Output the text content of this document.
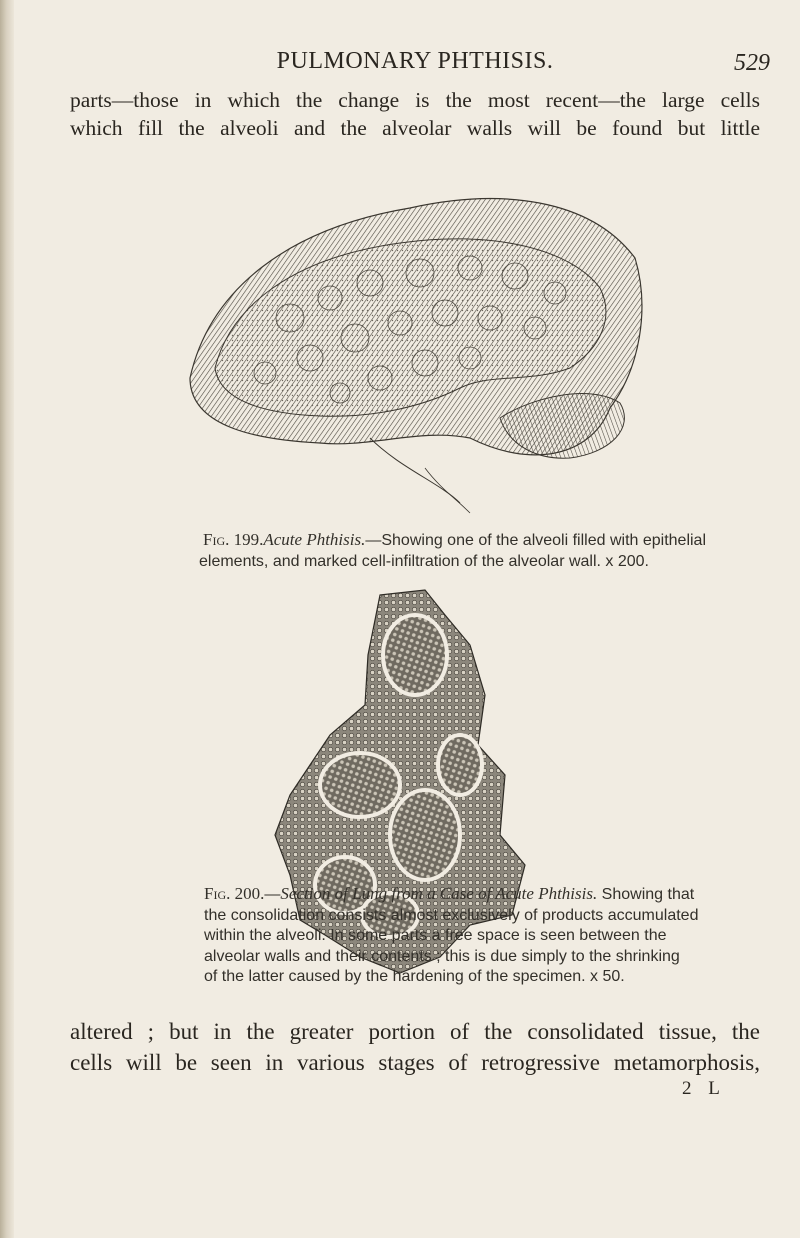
PULMONARY PHTHISIS.	529
parts—those in which the change is the most recent—the large cells
which fill the alveoli and the alveolar walls will be found but little
Fig. 199.Acute Phthisis.—Showing one of the alveoli filled with epithelial
elements, and marked cell-infiltration of the alveolar wall. x 200.
Fig. 200.—Section of Lung from a Case of Acute Phthisis. Showing that
the consolidation consists almost exclusively of products accumulated
within the alveoli. In some parts a free space is seen between the
alveolar walls and their contents ; this is due simply to the shrinking
of the latter caused by the hardening of the specimen. x 50.
altered ; but in the greater portion of the consolidated tissue, the
cells will be seen in various stages of retrogressive metamorphosis,
2 L
